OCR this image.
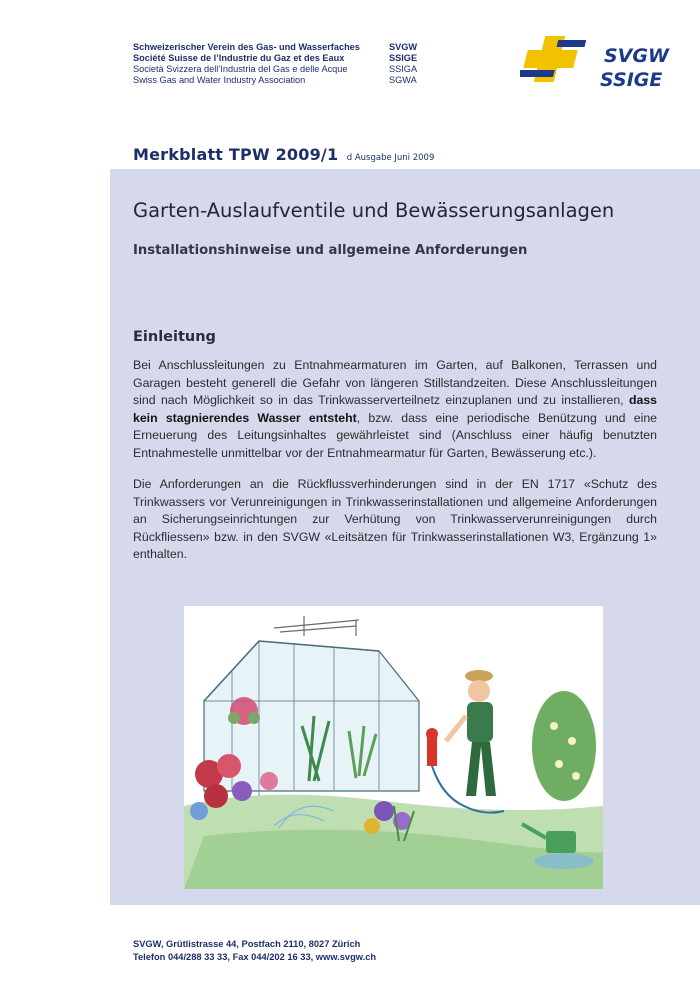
Schweizerischer Verein des Gas- und Wasserfaches	SVGW
Société Suisse de l’Industrie du Gaz et des Eaux	SSIGE
Società Svizzera dell’Industria del Gas e delle Acque	SSIGA
Swiss Gas and Water Industry Association	SGWA
SVGW
SSIGE
Merkblatt TPW 2009/1 d Ausgabe Juni 2009
Garten-Auslaufventile und Bewässerungsanlagen
Installationshinweise und allgemeine Anforderungen
Einleitung

Bei Anschlussleitungen zu Entnahmearmaturen im Garten, auf Balkonen, Terrassen und Garagen besteht generell die Gefahr von längeren Stillstandzeiten. Diese Anschlussleitungen sind nach Möglichkeit so in das Trinkwasserverteilnetz einzuplanen und zu installieren, dass kein stagnierendes Wasser entsteht, bzw. dass eine periodische Benützung und eine Erneuerung des Leitungsinhaltes gewährleistet sind (Anschluss einer häufig benutzten Entnahmestelle unmittelbar vor der Entnahmearmatur für Garten, Bewässerung etc.).

Die Anforderungen an die Rückflussverhinderungen sind in der EN 1717 «Schutz des Trinkwassers vor Verunreinigungen in Trinkwasserinstallationen und allgemeine Anforderungen an Sicherungseinrichtungen zur Verhütung von Trinkwasserverunreinigungen durch Rückfliessen» bzw. in den SVGW «Leitsätzen für Trinkwasserinstallationen W3, Ergänzung 1» enthalten.

SVGW, Grütlistrasse 44, Postfach 2110, 8027 Zürich
Telefon 044/288 33 33, Fax 044/202 16 33, www.svgw.ch
